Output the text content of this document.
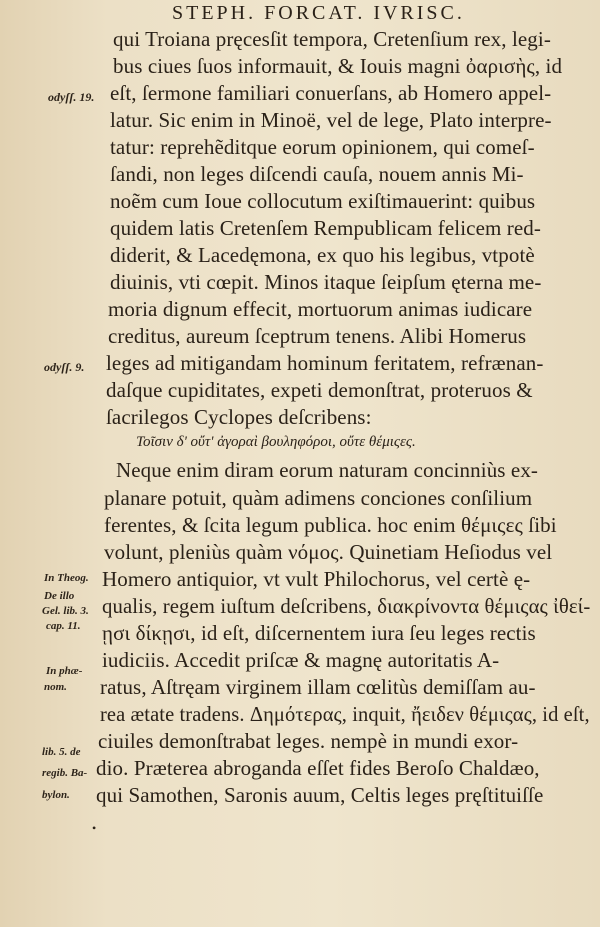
STEPH. FORCAT. IVRISC.
qui Troiana pręcesſit tempora, Cretenſium rex, legi-
bus ciues ſuos informauit, & Iouis magni ὀαρισὴς, id
eſt, ſermone familiari conuerſans, ab Homero appel-
latur. Sic enim in Minoë, vel de lege, Plato interpre-
tatur: reprehẽditque eorum opinionem, qui comeſ-
ſandi, non leges diſcendi cauſa, nouem annis Mi-
noẽm cum Ioue collocutum exiſtimauerint: quibus
quidem latis Cretenſem Rempublicam felicem red-
diderit, & Lacedęmona, ex quo his legibus, vtpotè
diuinis, vti cœpit. Minos itaque ſeipſum ęterna me-
moria dignum effecit, mortuorum animas iudicare
creditus, aureum ſceptrum tenens. Alibi Homerus
leges ad mitigandam hominum feritatem, refrænan-
daſque cupiditates, expeti demonſtrat, proteruos &
ſacrilegos Cyclopes deſcribens:
Τοῖσιν δ' οὔτ' ἀγοραὶ βουληφόροι, οὔτε θέμιςες.
Neque enim diram eorum naturam concinniùs ex-
planare potuit, quàm adimens conciones conſilium
ferentes, & ſcita legum publica. hoc enim θέμιςες ſibi
volunt, pleniùs quàm νόμος. Quinetiam Heſiodus vel
Homero antiquior, vt vult Philochorus, vel certè ę-
qualis, regem iuſtum deſcribens, διακρίνοντα θέμιςας ἰθεί-
ῃσι δίκῃσι, id eſt, diſcernentem iura ſeu leges rectis
iudiciis. Accedit priſcæ & magnę autoritatis A-
ratus, Aſtręam virginem illam cœlitùs demiſſam au-
rea ætate tradens. Δημότερας, inquit, ἤειδεν θέμιςας, id eſt,
ciuiles demonſtrabat leges. nempè in mundi exor-
dio. Præterea abroganda eſſet fides Beroſo Chaldæo,
qui Samothen, Saronis auum, Celtis leges pręſtituiſſe
odyſſ. 19.
odyſſ. 9.
In Theog.
De illo
Gel. lib. 3.
cap. 11.
In phæ-
nom.
lib. 5. de
regib. Ba-
bylon.
•
